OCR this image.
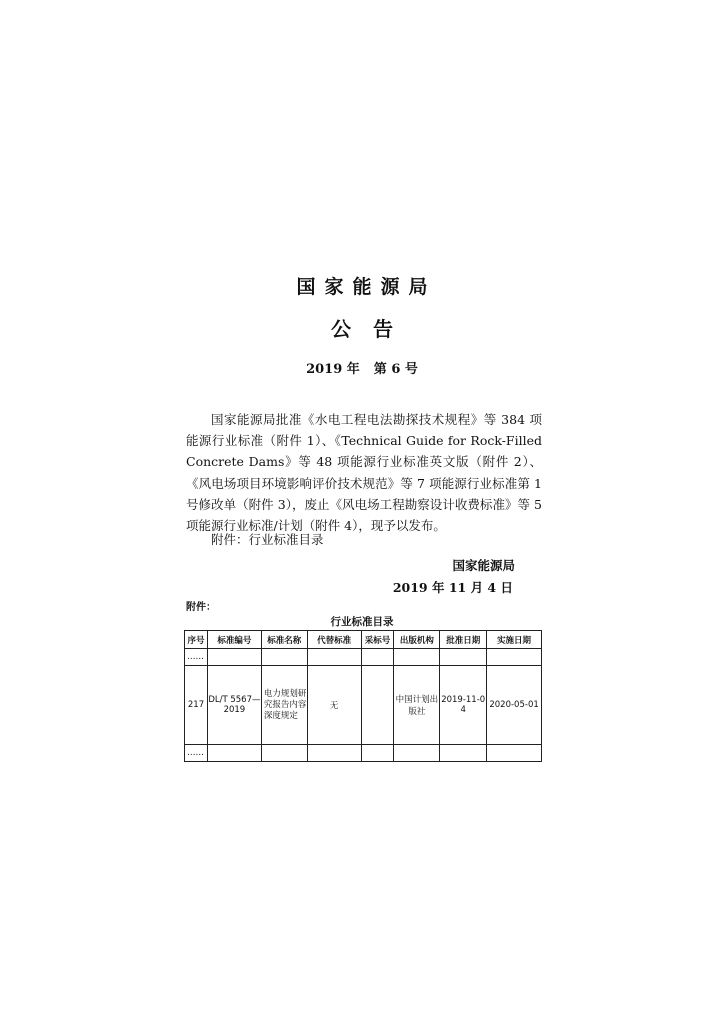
国家能源局
公告
2019 年 第 6 号

国家能源局批准《水电工程电法勘探技术规程》等 384 项能源行业标准（附件 1）、《Technical Guide for Rock-Filled Concrete Dams》等 48 项能源行业标准英文版（附件 2）、《风电场项目环境影响评价技术规范》等 7 项能源行业标准第 1 号修改单（附件 3），废止《风电场工程勘察设计收费标准》等 5 项能源行业标准/计划（附件 4），现予以发布。

附件：行业标准目录
国家能源局
2019 年 11 月 4 日
附件：
行业标准目录
序号	标准编号	标准名称	代替标准	采标号	出版机构	批准日期	实施日期
……							
217	DL/T 5567—2019	电力规划研究报告内容深度规定	无		中国计划出版社	2019-11-04	2020-05-01
……							
